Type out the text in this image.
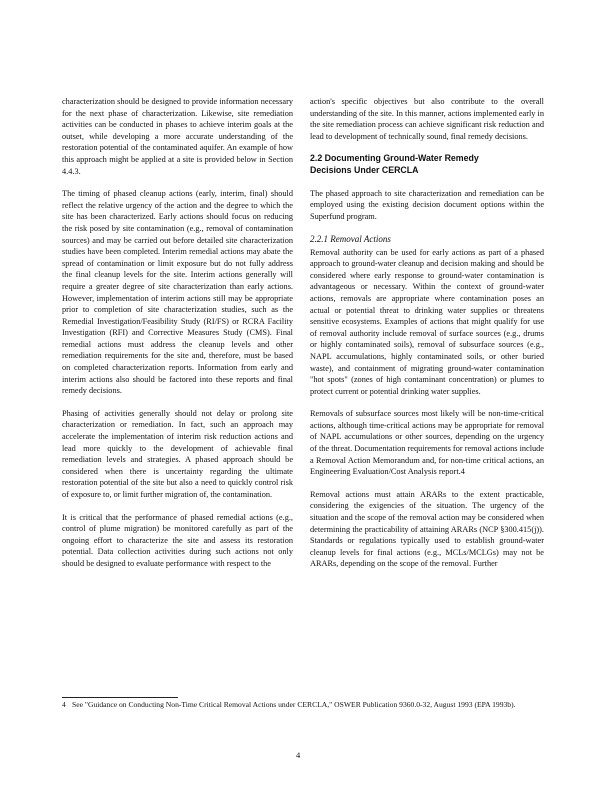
characterization should be designed to provide information necessary for the next phase of characterization. Likewise, site remediation activities can be conducted in phases to achieve interim goals at the outset, while developing a more accurate understanding of the restoration potential of the contaminated aquifer. An example of how this approach might be applied at a site is provided below in Section 4.4.3.

The timing of phased cleanup actions (early, interim, final) should reflect the relative urgency of the action and the degree to which the site has been characterized. Early actions should focus on reducing the risk posed by site contamination (e.g., removal of contamination sources) and may be carried out before detailed site characterization studies have been completed. Interim remedial actions may abate the spread of contamination or limit exposure but do not fully address the final cleanup levels for the site. Interim actions generally will require a greater degree of site characterization than early actions. However, implementation of interim actions still may be appropriate prior to completion of site characterization studies, such as the Remedial Investigation/Feasibility Study (RI/FS) or RCRA Facility Investigation (RFI) and Corrective Measures Study (CMS). Final remedial actions must address the cleanup levels and other remediation requirements for the site and, therefore, must be based on completed characterization reports. Information from early and interim actions also should be factored into these reports and final remedy decisions.

Phasing of activities generally should not delay or prolong site characterization or remediation. In fact, such an approach may accelerate the implementation of interim risk reduction actions and lead more quickly to the development of achievable final remediation levels and strategies. A phased approach should be considered when there is uncertainty regarding the ultimate restoration potential of the site but also a need to quickly control risk of exposure to, or limit further migration of, the contamination.

It is critical that the performance of phased remedial actions (e.g., control of plume migration) be monitored carefully as part of the ongoing effort to characterize the site and assess its restoration potential. Data collection activities during such actions not only should be designed to evaluate performance with respect to the

action's specific objectives but also contribute to the overall understanding of the site. In this manner, actions implemented early in the site remediation process can achieve significant risk reduction and lead to development of technically sound, final remedy decisions.

2.2 Documenting Ground-Water Remedy
Decisions Under CERCLA

The phased approach to site characterization and remediation can be employed using the existing decision document options within the Superfund program.

2.2.1 Removal Actions

Removal authority can be used for early actions as part of a phased approach to ground-water cleanup and decision making and should be considered where early response to ground-water contamination is advantageous or necessary. Within the context of ground-water actions, removals are appropriate where contamination poses an actual or potential threat to drinking water supplies or threatens sensitive ecosystems. Examples of actions that might qualify for use of removal authority include removal of surface sources (e.g., drums or highly contaminated soils), removal of subsurface sources (e.g., NAPL accumulations, highly contaminated soils, or other buried waste), and containment of migrating ground-water contamination "hot spots" (zones of high contaminant concentration) or plumes to protect current or potential drinking water supplies.

Removals of subsurface sources most likely will be non-time-critical actions, although time-critical actions may be appropriate for removal of NAPL accumulations or other sources, depending on the urgency of the threat. Documentation requirements for removal actions include a Removal Action Memorandum and, for non-time critical actions, an Engineering Evaluation/Cost Analysis report.4

Removal actions must attain ARARs to the extent practicable, considering the exigencies of the situation. The urgency of the situation and the scope of the removal action may be considered when determining the practicability of attaining ARARs (NCP §300.415(j)). Standards or regulations typically used to establish ground-water cleanup levels for final actions (e.g., MCLs/MCLGs) may not be ARARs, depending on the scope of the removal. Further

4 See "Guidance on Conducting Non-Time Critical Removal Actions under CERCLA," OSWER Publication 9360.0-32, August 1993 (EPA 1993b).
4
